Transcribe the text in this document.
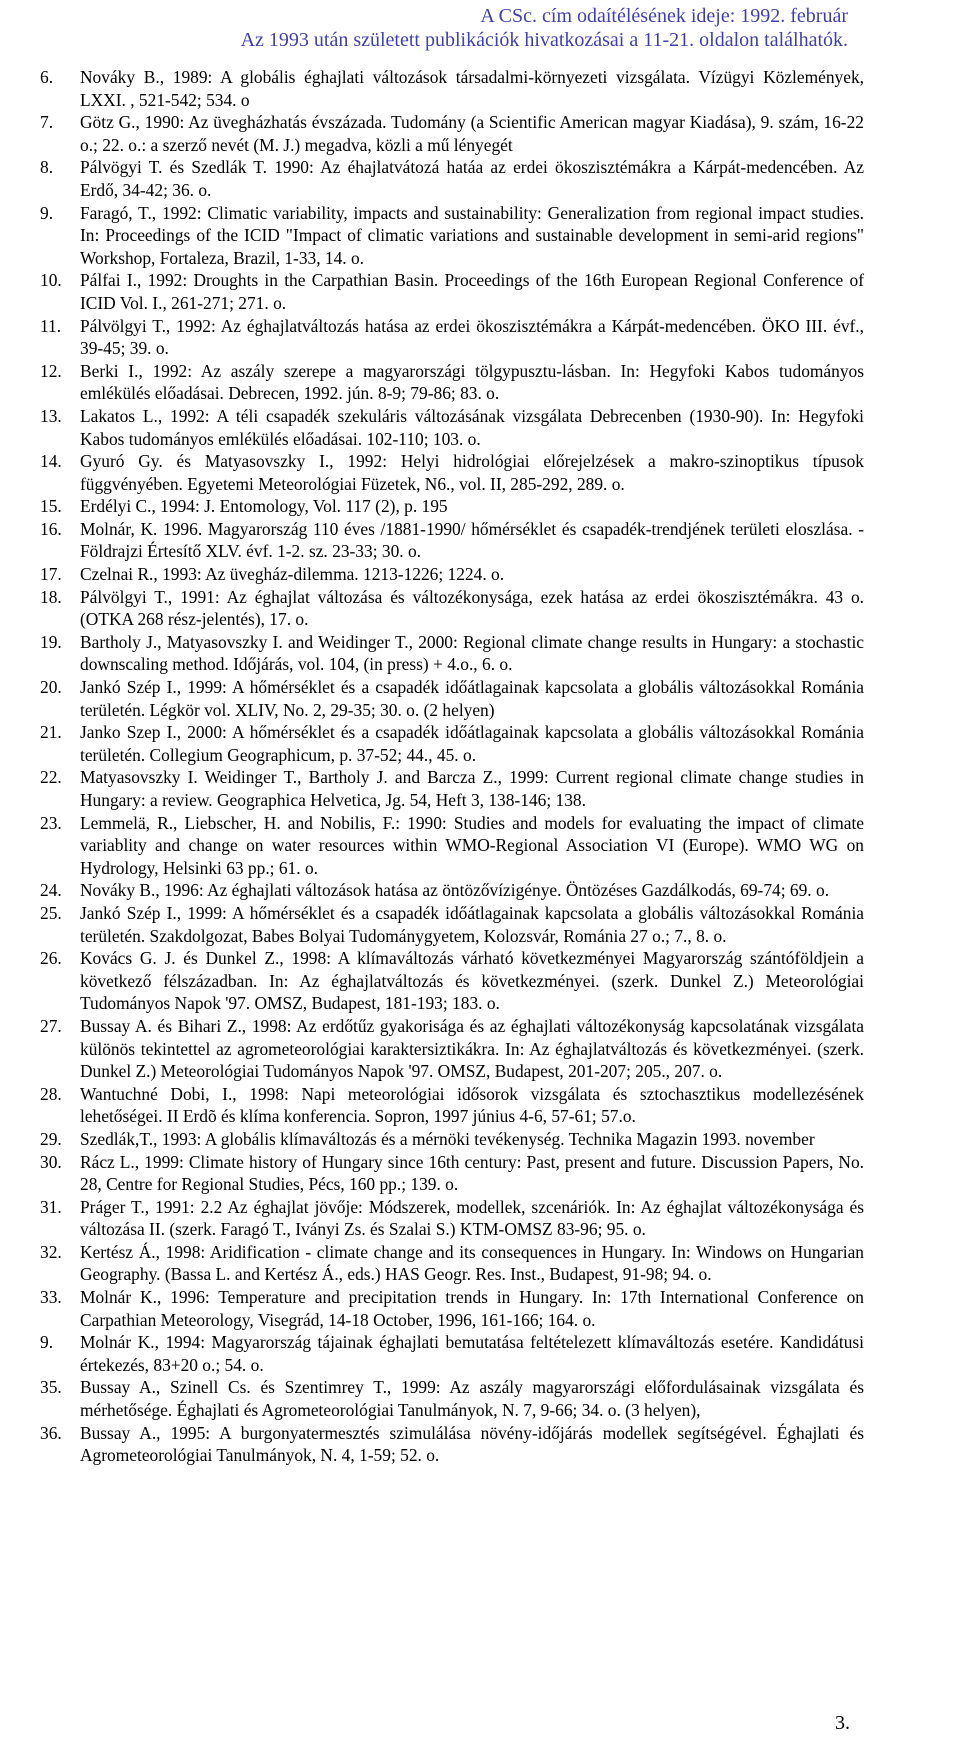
A CSc. cím odaítélésének ideje: 1992. február
Az 1993 után született publikációk hivatkozásai a 11-21. oldalon találhatók.
6.	Nováky B., 1989: A globális éghajlati változások társadalmi-környezeti vizsgálata. Vízügyi Közlemények, LXXI. , 521-542; 534. o
7.	Götz G., 1990: Az üvegházhatás évszázada. Tudomány (a Scientific American magyar Kiadása), 9. szám, 16-22 o.; 22. o.: a szerző nevét (M. J.) megadva, közli a mű lényegét
8.	Pálvögyi T. és Szedlák T. 1990: Az éhajlatvátozá hatáa az erdei ökoszisztémákra a Kárpát-medencében. Az Erdő, 34-42; 36. o.
9.	Faragó, T., 1992: Climatic variability, impacts and sustainability: Generalization from regional impact studies. In: Proceedings of the ICID "Impact of climatic variations and sustainable development in semi-arid regions" Workshop, Fortaleza, Brazil, 1-33, 14. o.
10.	Pálfai I., 1992: Droughts in the Carpathian Basin. Proceedings of the 16th European Regional Conference of ICID Vol. I., 261-271; 271. o.
11.	Pálvölgyi T., 1992: Az éghajlatváltozás hatása az erdei ökoszisztémákra a Kárpát-medencében. ÖKO III. évf., 39-45; 39. o.
12.	Berki I., 1992: Az aszály szerepe a magyarországi tölgypusztu-lásban. In: Hegyfoki Kabos tudományos emlékülés előadásai. Debrecen, 1992. jún. 8-9; 79-86; 83. o.
13.	Lakatos L., 1992: A téli csapadék szekuláris változásának vizsgálata Debrecenben (1930-90). In: Hegyfoki Kabos tudományos emlékülés előadásai. 102-110; 103. o.
14.	Gyuró Gy. és Matyasovszky I., 1992: Helyi hidrológiai előrejelzések a makro-szinoptikus típusok függvényében. Egyetemi Meteorológiai Füzetek, N6., vol. II, 285-292, 289. o.
15.	Erdélyi C., 1994: J. Entomology, Vol. 117 (2), p. 195
16.	Molnár, K. 1996. Magyarország 110 éves /1881-1990/ hőmérséklet és csapadék-trendjének területi eloszlása. - Földrajzi Értesítő XLV. évf. 1-2. sz. 23-33; 30. o.
17.	Czelnai R., 1993: Az üvegház-dilemma. 1213-1226; 1224. o.
18.	Pálvölgyi T., 1991: Az éghajlat változása és változékonysága, ezek hatása az erdei ökoszisztémákra. 43 o. (OTKA 268 rész-jelentés), 17. o.
19.	Bartholy J., Matyasovszky I. and Weidinger T., 2000: Regional climate change results in Hungary: a stochastic downscaling method. Időjárás, vol. 104, (in press) + 4.o., 6. o.
20.	Jankó Szép I., 1999: A hőmérséklet és a csapadék időátlagainak kapcsolata a globális változásokkal Románia területén. Légkör vol. XLIV, No. 2, 29-35; 30. o. (2 helyen)
21.	Janko Szep I., 2000: A hőmérséklet és a csapadék időátlagainak kapcsolata a globális változásokkal Románia területén. Collegium Geographicum, p. 37-52; 44., 45. o.
22.	Matyasovszky I. Weidinger T., Bartholy J. and Barcza Z., 1999: Current regional climate change studies in Hungary: a review. Geographica Helvetica, Jg. 54, Heft 3, 138-146; 138.
23.	Lemmelä, R., Liebscher, H. and Nobilis, F.: 1990: Studies and models for evaluating the impact of climate variablity and change on water resources within WMO-Regional Association VI (Europe). WMO WG on Hydrology, Helsinki 63 pp.; 61. o.
24.	Nováky B., 1996: Az éghajlati változások hatása az öntözővízigénye. Öntözéses Gazdálkodás, 69-74; 69. o.
25.	Jankó Szép I., 1999: A hőmérséklet és a csapadék időátlagainak kapcsolata a globális változásokkal Románia területén. Szakdolgozat, Babes Bolyai Tudománygyetem, Kolozsvár, Románia 27 o.; 7., 8. o.
26.	Kovács G. J. és Dunkel Z., 1998: A klímaváltozás várható következményei Magyarország szántóföldjein a következő félszázadban. In: Az éghajlatváltozás és következményei. (szerk. Dunkel Z.) Meteorológiai Tudományos Napok '97. OMSZ, Budapest, 181-193; 183. o.
27.	Bussay A. és Bihari Z., 1998: Az erdőtűz gyakorisága és az éghajlati változékonyság kapcsolatának vizsgálata különös tekintettel az agrometeorológiai karaktersiztikákra. In: Az éghajlatváltozás és következményei. (szerk. Dunkel Z.) Meteorológiai Tudományos Napok '97. OMSZ, Budapest, 201-207; 205., 207. o.
28.	Wantuchné Dobi, I., 1998: Napi meteorológiai idősorok vizsgálata és sztochasztikus modellezésének lehetőségei. II Erdõ és klíma konferencia. Sopron, 1997 június 4-6, 57-61; 57.o.
29.	Szedlák,T., 1993: A globális klímaváltozás és a mérnöki tevékenység. Technika Magazin 1993. november
30.	Rácz L., 1999: Climate history of Hungary since 16th century: Past, present and future. Discussion Papers, No. 28, Centre for Regional Studies, Pécs, 160 pp.; 139. o.
31.	Práger T., 1991: 2.2 Az éghajlat jövője: Módszerek, modellek, szcenáriók. In: Az éghajlat változékonysága és változása II. (szerk. Faragó T., Iványi Zs. és Szalai S.) KTM-OMSZ 83-96; 95. o.
32.	Kertész Á., 1998: Aridification - climate change and its consequences in Hungary. In: Windows on Hungarian Geography. (Bassa L. and Kertész Á., eds.) HAS Geogr. Res. Inst., Budapest, 91-98; 94. o.
33.	Molnár K., 1996: Temperature and precipitation trends in Hungary. In: 17th International Conference on Carpathian Meteorology, Visegrád, 14-18 October, 1996, 161-166; 164. o.
9.	Molnár K., 1994: Magyarország tájainak éghajlati bemutatása feltételezett klímaváltozás esetére. Kandidátusi értekezés, 83+20 o.; 54. o.
35.	Bussay A., Szinell Cs. és Szentimrey T., 1999: Az aszály magyarországi előfordulásainak vizsgálata és mérhetősége. Éghajlati és Agrometeorológiai Tanulmányok, N. 7, 9-66; 34. o. (3 helyen),
36.	Bussay A., 1995: A burgonyatermesztés szimulálása növény-időjárás modellek segítségével. Éghajlati és Agrometeorológiai Tanulmányok, N. 4, 1-59; 52. o.
3.
